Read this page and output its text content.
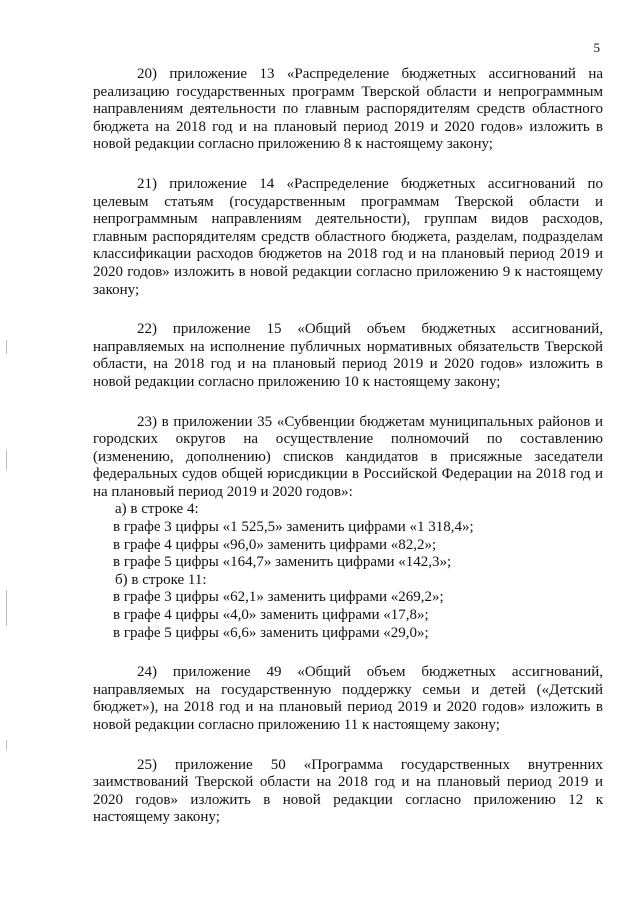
5

20) приложение 13 «Распределение бюджетных ассигнований на реализацию государственных программ Тверской области и непрограммным направлениям деятельности по главным распорядителям средств областного бюджета на 2018 год и на плановый период 2019 и 2020 годов» изложить в новой редакции согласно приложению 8 к настоящему закону;

21) приложение 14 «Распределение бюджетных ассигнований по целевым статьям (государственным программам Тверской области и непрограммным направлениям деятельности), группам видов расходов, главным распорядителям средств областного бюджета, разделам, подразделам классификации расходов бюджетов на 2018 год и на плановый период 2019 и 2020 годов» изложить в новой редакции согласно приложению 9 к настоящему закону;

22) приложение 15 «Общий объем бюджетных ассигнований, направляемых на исполнение публичных нормативных обязательств Тверской области, на 2018 год и на плановый период 2019 и 2020 годов» изложить в новой редакции согласно приложению 10 к настоящему закону;

23) в приложении 35 «Субвенции бюджетам муниципальных районов и городских округов на осуществление полномочий по составлению (изменению, дополнению) списков кандидатов в присяжные заседатели федеральных судов общей юрисдикции в Российской Федерации на 2018 год и на плановый период 2019 и 2020 годов»:

а) в строке 4:
в графе 3 цифры «1 525,5» заменить цифрами «1 318,4»;
в графе 4 цифры «96,0» заменить цифрами «82,2»;
в графе 5 цифры «164,7» заменить цифрами «142,3»;
б) в строке 11:
в графе 3 цифры «62,1» заменить цифрами «269,2»;
в графе 4 цифры «4,0» заменить цифрами «17,8»;
в графе 5 цифры «6,6» заменить цифрами «29,0»;

24) приложение 49 «Общий объем бюджетных ассигнований, направляемых на государственную поддержку семьи и детей («Детский бюджет»), на 2018 год и на плановый период 2019 и 2020 годов» изложить в новой редакции согласно приложению 11 к настоящему закону;

25) приложение 50 «Программа государственных внутренних заимствований Тверской области на 2018 год и на плановый период 2019 и 2020 годов» изложить в новой редакции согласно приложению 12 к настоящему закону;
